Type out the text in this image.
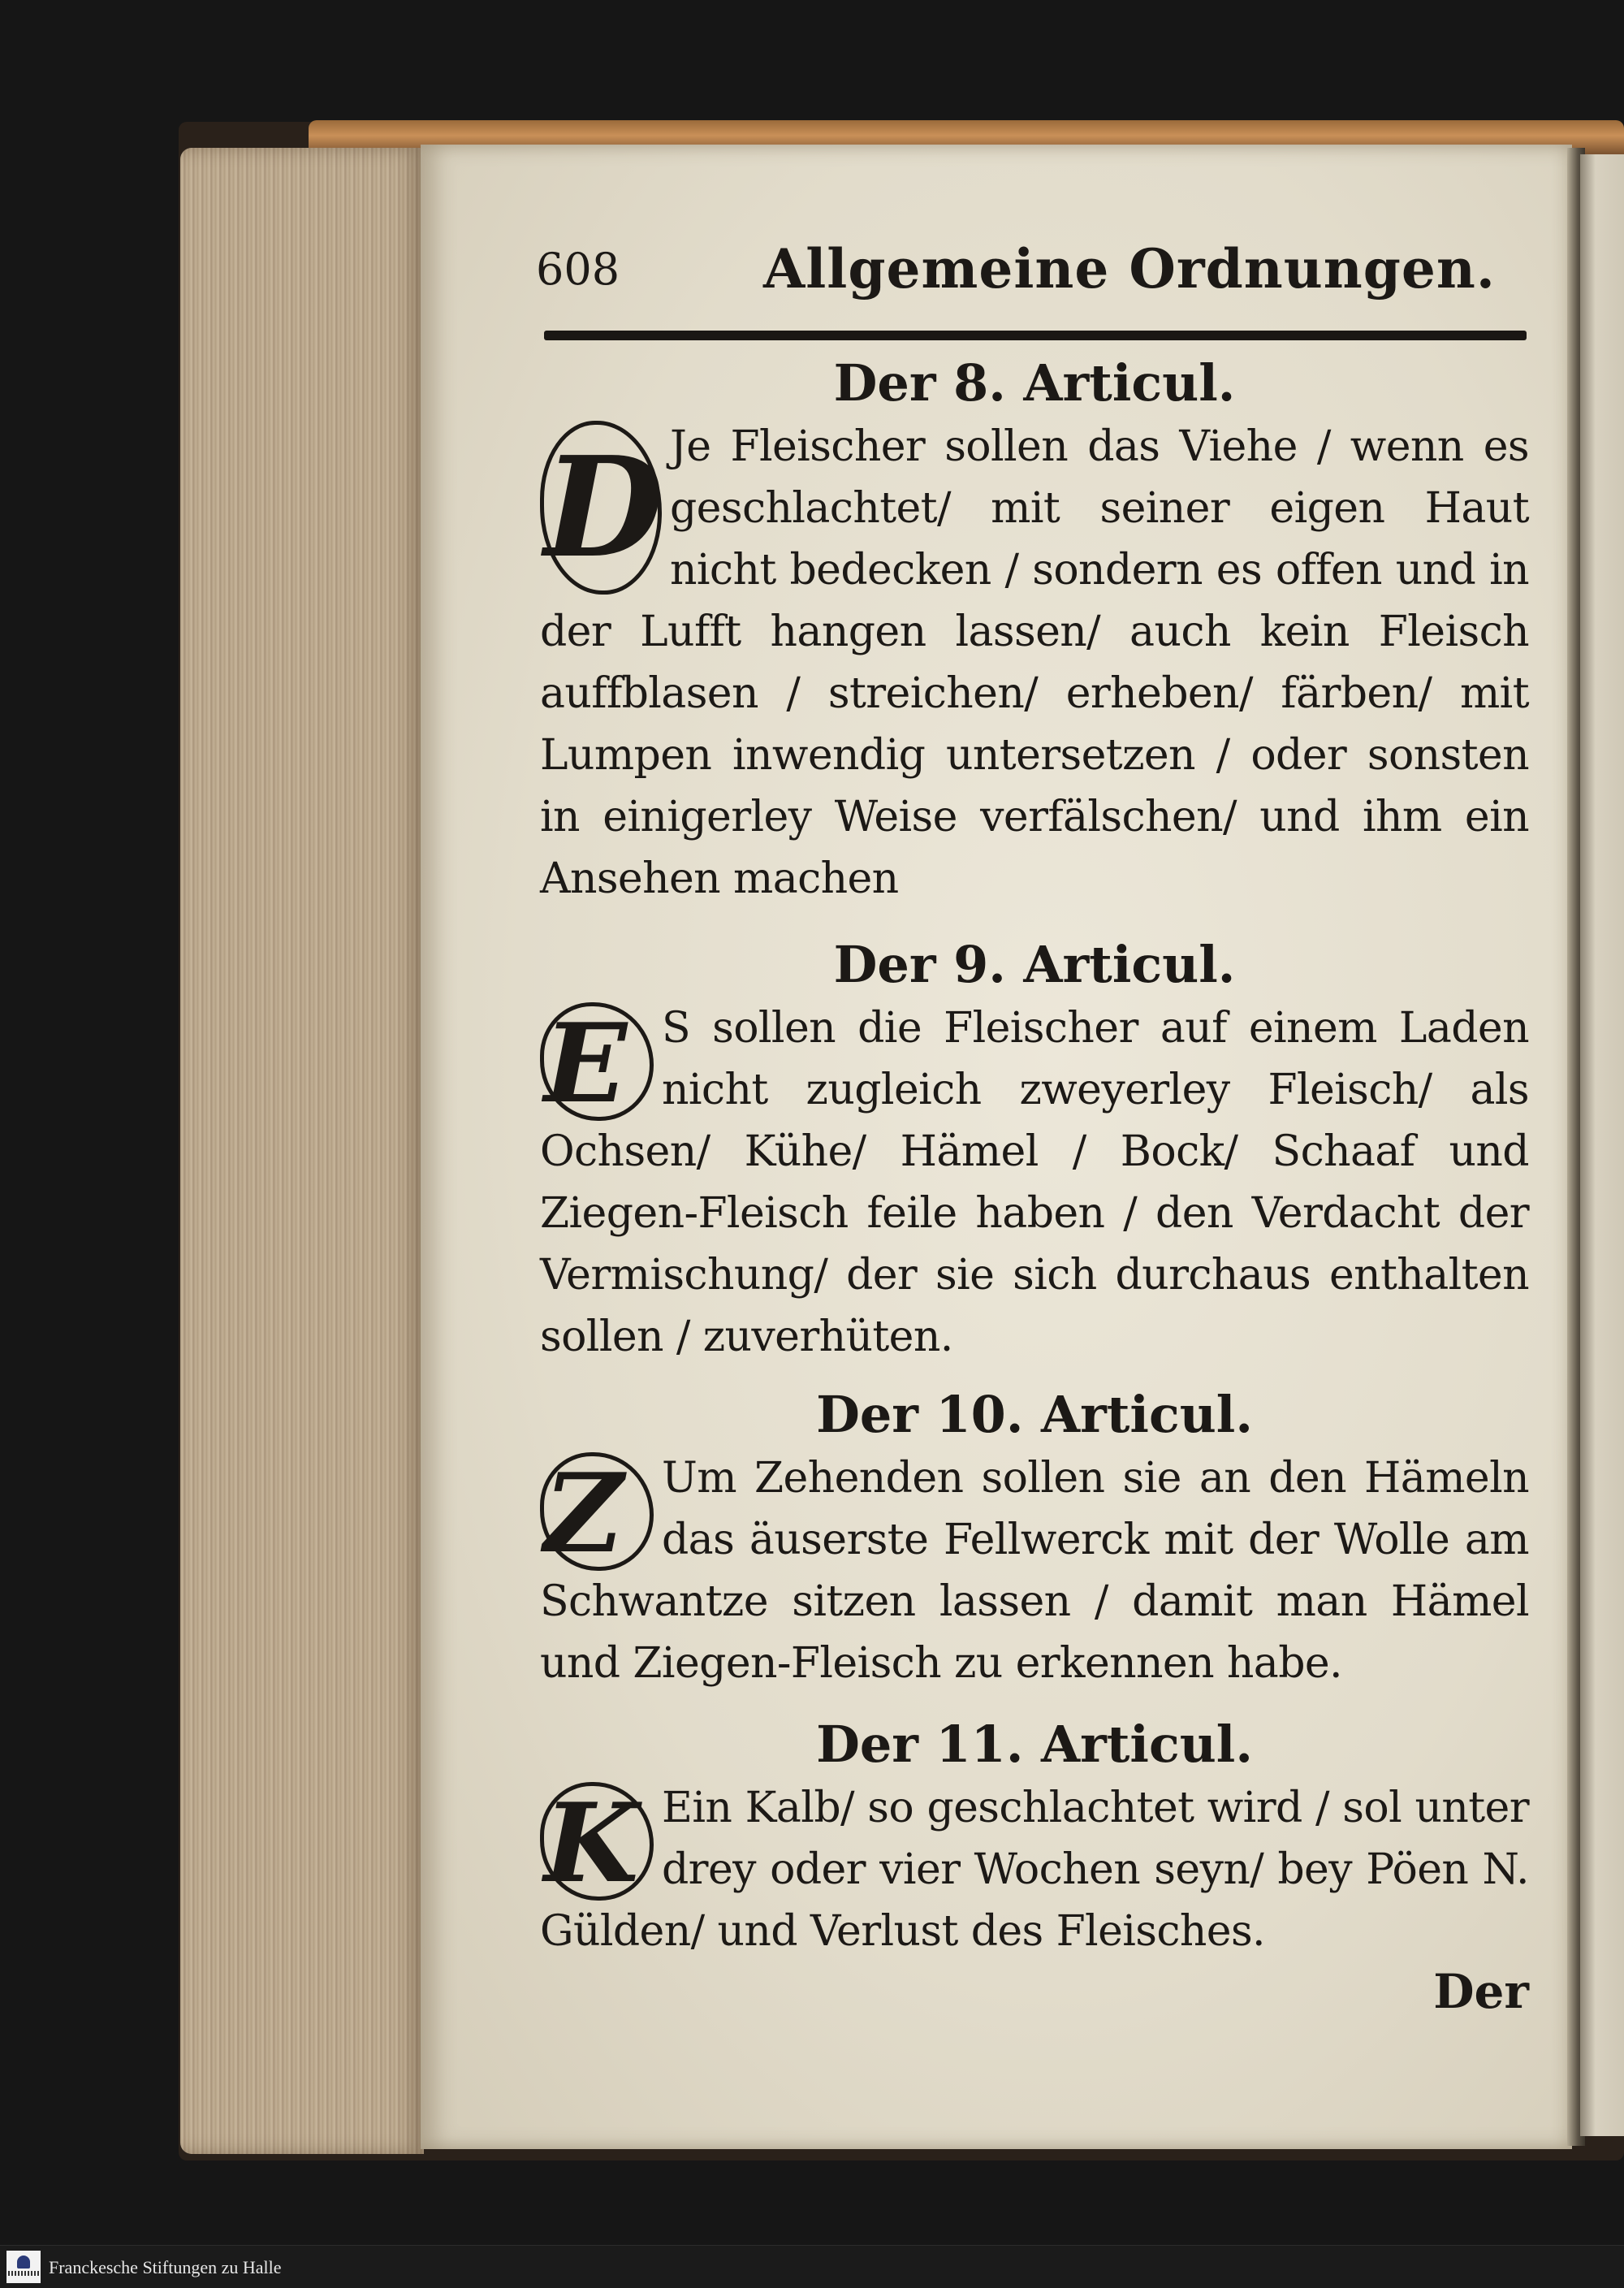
608	Allgemeine Ordnungen.
Der 8. Articul.

D Je Fleischer sollen das Viehe / wenn es geschlachtet/ mit seiner eigen Haut nicht bedecken / sondern es offen und in der Lufft hangen lassen/ auch kein Fleisch auffblasen / streichen/ erheben/ färben/ mit Lumpen inwendig untersetzen / oder sonsten in einigerley Weise verfälschen/ und ihm ein Ansehen machen

Der 9. Articul.

E S sollen die Fleischer auf einem Laden nicht zugleich zweyerley Fleisch/ als Ochsen/ Kühe/ Hämel / Bock/ Schaaf und Ziegen-Fleisch feile haben / den Verdacht der Vermischung/ der sie sich durchaus enthalten sollen / zuverhüten.

Der 10. Articul.

Z Um Zehenden sollen sie an den Hämeln das äuserste Fellwerck mit der Wolle am Schwantze sitzen lassen / damit man Hämel und Ziegen-Fleisch zu erkennen habe.

Der 11. Articul.

K Ein Kalb/ so geschlachtet wird / sol unter drey oder vier Wochen seyn/ bey Pöen N. Gülden/ und Verlust des Fleisches.

Der
Franckesche Stiftungen zu Halle
